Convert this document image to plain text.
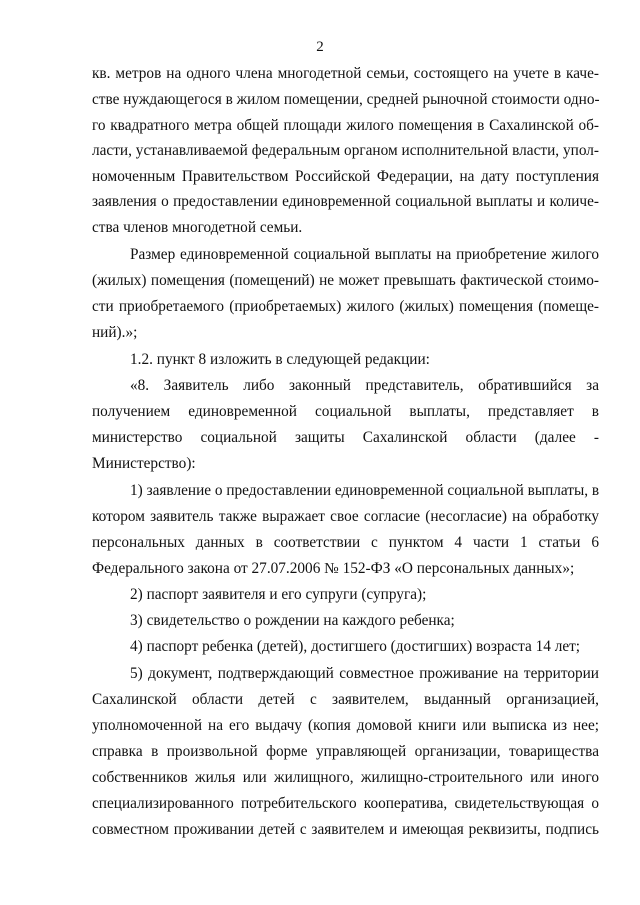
2
кв. метров на одного члена многодетной семьи, состоящего на учете в каче-
стве нуждающегося в жилом помещении, средней рыночной стоимости одно-
го квадратного метра общей площади жилого помещения в Сахалинской об-
ласти, устанавливаемой федеральным органом исполнительной власти, упол-
номоченным Правительством Российской Федерации, на дату поступления
заявления о предоставлении единовременной социальной выплаты и количе-
ства членов многодетной семьи.
Размер единовременной социальной выплаты на приобретение жилого
(жилых) помещения (помещений) не может превышать фактической стоимо-
сти приобретаемого (приобретаемых) жилого (жилых) помещения (помеще-
ний).»;
1.2. пункт 8 изложить в следующей редакции:
«8. Заявитель либо законный представитель, обратившийся за
получением единовременной социальной выплаты, представляет в
министерство социальной защиты Сахалинской области (далее -
Министерство):
1) заявление о предоставлении единовременной социальной выплаты, в
котором заявитель также выражает свое согласие (несогласие) на обработку
персональных данных в соответствии с пунктом 4 части 1 статьи 6
Федерального закона от 27.07.2006 № 152-ФЗ «О персональных данных»;
2) паспорт заявителя и его супруги (супруга);
3) свидетельство о рождении на каждого ребенка;
4) паспорт ребенка (детей), достигшего (достигших) возраста 14 лет;
5) документ, подтверждающий совместное проживание на территории
Сахалинской области детей с заявителем, выданный организацией,
уполномоченной на его выдачу (копия домовой книги или выписка из нее;
справка в произвольной форме управляющей организации, товарищества
собственников жилья или жилищного, жилищно-строительного или иного
специализированного потребительского кооператива, свидетельствующая о
совместном проживании детей с заявителем и имеющая реквизиты, подпись
